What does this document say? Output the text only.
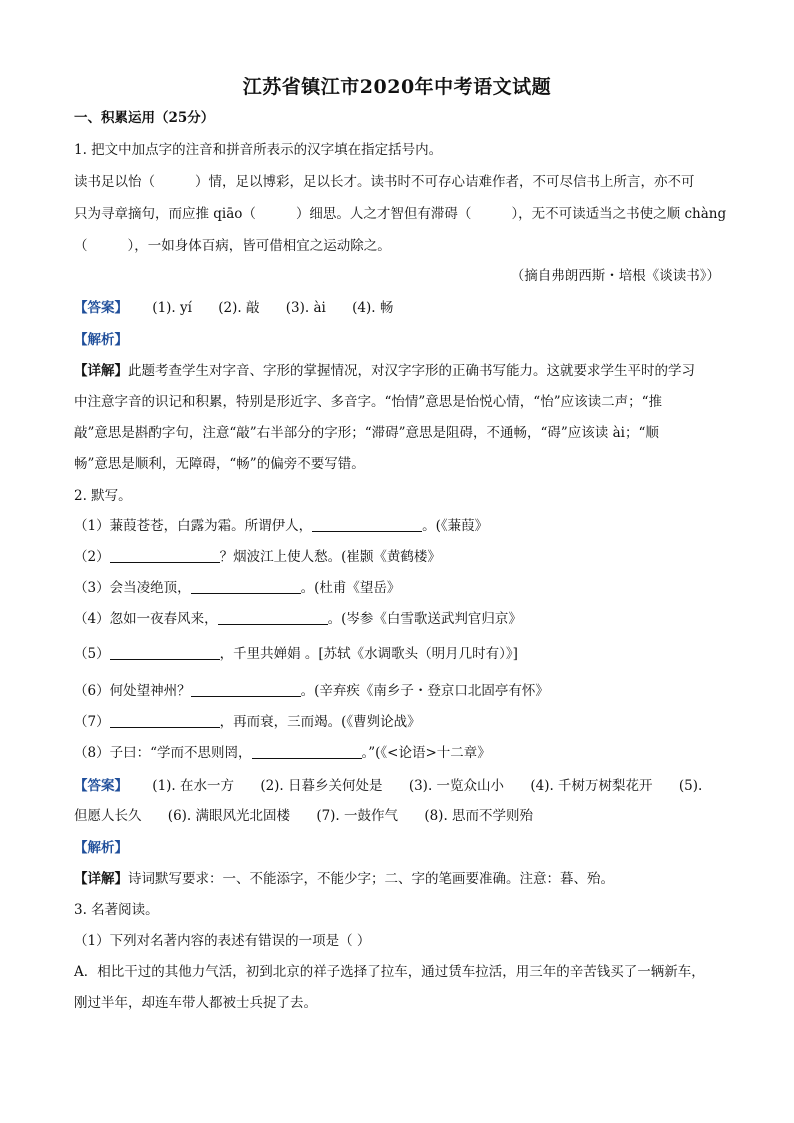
江苏省镇江市2020年中考语文试题
一、积累运用（25分）
1. 把文中加点字的注音和拼音所表示的汉字填在指定括号内。
读书足以怡（	）情，足以博彩，足以长才。读书时不可存心诘难作者，不可尽信书上所言，亦不可
只为寻章摘句，而应推 qiāo（	）细思。人之才智但有滞碍（	），无不可读适当之书使之顺 chàng
（	），一如身体百病，皆可借相宜之运动除之。
（摘自弗朗西斯・培根《谈读书》）
【答案】 (1). yí (2). 敲 (3). ài (4). 畅
【解析】
【详解】此题考查学生对字音、字形的掌握情况，对汉字字形的正确书写能力。这就要求学生平时的学习
中注意字音的识记和积累，特别是形近字、多音字。“怡情”意思是怡悦心情，“怡”应该读二声；“推
敲”意思是斟酌字句，注意“敲”右半部分的字形；“滞碍”意思是阻碍，不通畅，“碍”应该读 ài；“顺
畅”意思是顺利，无障碍，“畅”的偏旁不要写错。
2. 默写。
（1）蒹葭苍苍，白露为霜。所谓伊人，	。(《蒹葭》
（2）	？烟波江上使人愁。(崔颢《黄鹤楼》
（3）会当凌绝顶，	。(杜甫《望岳》
（4）忽如一夜春风来，	。(岑参《白雪歌送武判官归京》
（5）	，千里共婵娟 。[苏轼《水调歌头（明月几时有）》]
（6）何处望神州？	。(辛弃疾《南乡子・登京口北固亭有怀》
（7）	，再而衰，三而竭。(《曹刿论战》
（8）子曰：“学而不思则罔，	。”(《<论语>十二章》
【答案】 (1). 在水一方 (2). 日暮乡关何处是 (3). 一览众山小 (4). 千树万树梨花开 (5).
但愿人长久 (6). 满眼风光北固楼 (7). 一鼓作气 (8). 思而不学则殆
【解析】
【详解】诗词默写要求：一、不能添字，不能少字；二、字的笔画要准确。注意：暮、殆。
3. 名著阅读。
（1）下列对名著内容的表述有错误的一项是（ ）
A．相比干过的其他力气活，初到北京的祥子选择了拉车，通过赁车拉活，用三年的辛苦钱买了一辆新车，
刚过半年，却连车带人都被士兵捉了去。
